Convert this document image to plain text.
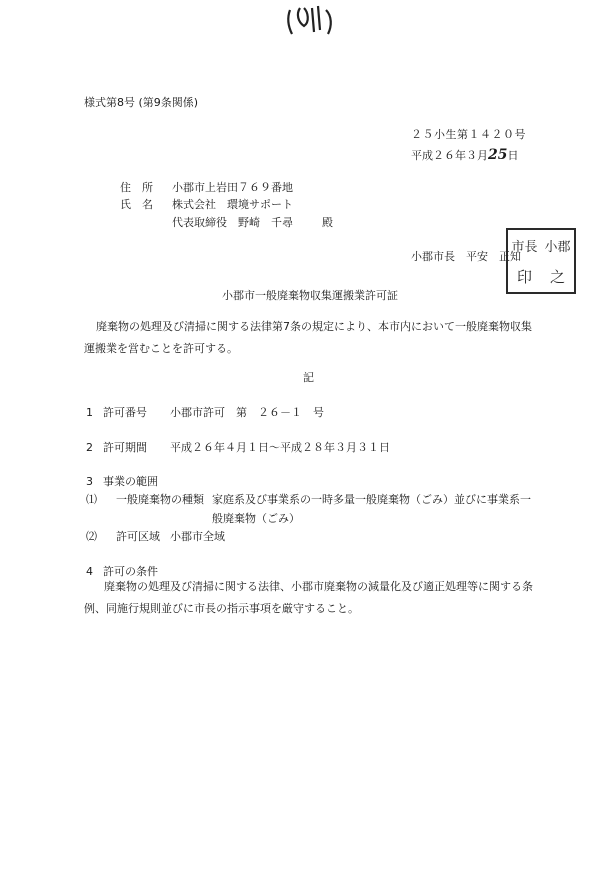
様式第8号 (第9条関係)
２５小生第１４２０号
平成２６年３月25日
住　所 小郡市上岩田７６９番地
氏　名 株式会社　環境サポート
代表取締役　野崎　千尋	殿
小郡市長　平安　正知
市長 小郡
印	之
小郡市一般廃棄物収集運搬業許可証
廃棄物の処理及び清掃に関する法律第7条の規定により、本市内において一般廃棄物収集運搬業を営むことを許可する。
記
1 許可番号 小郡市許可　第　２６－１　号
2 許可期間 平成２６年４月１日～平成２８年３月３１日
3 事業の範囲
⑴ 一般廃棄物の種類 家庭系及び事業系の一時多量一般廃棄物（ごみ）並びに事業系一
般廃棄物（ごみ）
⑵ 許可区域 小郡市全域
4 許可の条件
廃棄物の処理及び清掃に関する法律、小郡市廃棄物の減量化及び適正処理等に関する条例、同施行規則並びに市長の指示事項を厳守すること。
